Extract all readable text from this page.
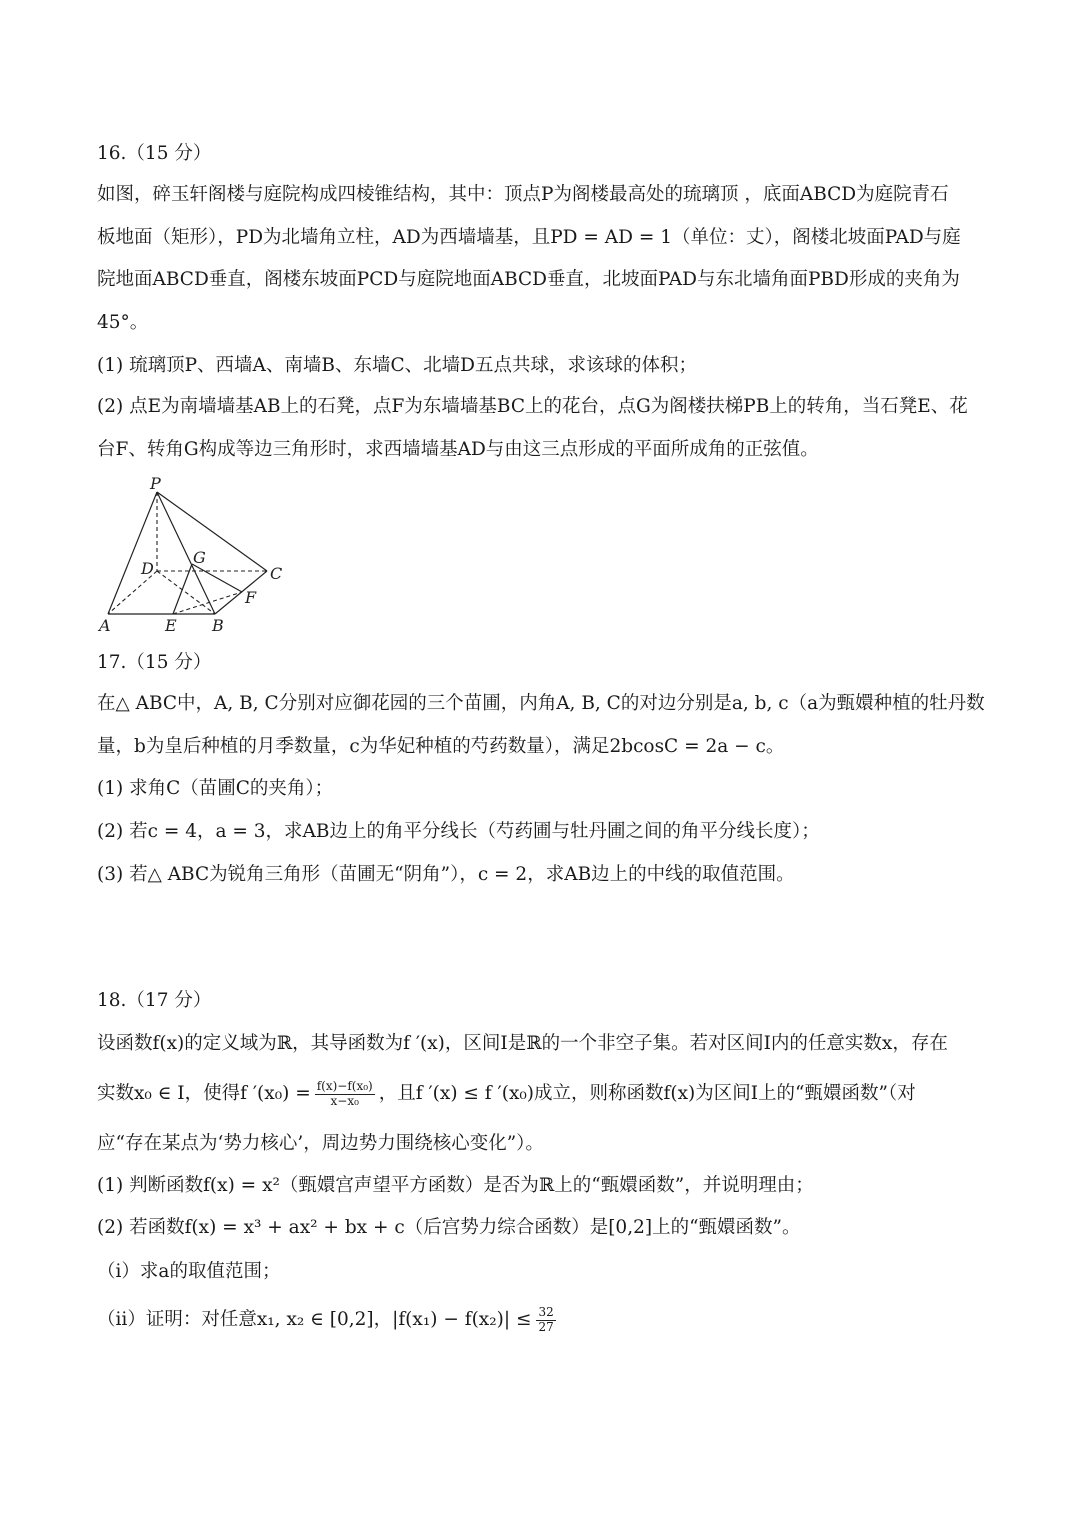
16.（15 分）
如图，碎玉轩阁楼与庭院构成四棱锥结构，其中：顶点P为阁楼最高处的琉璃顶 ，底面ABCD为庭院青石
板地面（矩形），PD为北墙角立柱，AD为西墙墙基，且PD = AD = 1（单位：丈），阁楼北坡面PAD与庭
院地面ABCD垂直，阁楼东坡面PCD与庭院地面ABCD垂直，北坡面PAD与东北墙角面PBD形成的夹角为
45°。
(1) 琉璃顶P、西墙A、南墙B、东墙C、北墙D五点共球，求该球的体积；
(2) 点E为南墙墙基AB上的石凳，点F为东墙墙基BC上的花台，点G为阁楼扶梯PB上的转角，当石凳E、花
台F、转角G构成等边三角形时，求西墙墙基AD与由这三点形成的平面所成角的正弦值。
P
D
G
C
F
A	E B
17.（15 分）
在△ ABC中，A, B, C分别对应御花园的三个苗圃，内角A, B, C的对边分别是a, b, c（a为甄嬛种植的牡丹数
量，b为皇后种植的月季数量，c为华妃种植的芍药数量），满足2bcosC = 2a − c。
(1) 求角C（苗圃C的夹角）；
(2) 若c = 4，a = 3，求AB边上的角平分线长（芍药圃与牡丹圃之间的角平分线长度）；
(3) 若△ ABC为锐角三角形（苗圃无“阴角”），c = 2，求AB边上的中线的取值范围。
18.（17 分）
设函数f(x)的定义域为ℝ，其导函数为f ′(x)，区间I是ℝ的一个非空子集。若对区间I内的任意实数x，存在
实数x₀ ∈ I，使得f $'(x_0) = \frac{\text{f(x)−f(x₀)}}{\text{x−x₀}}$ ，且f ′(x) ≤ f ′(x₀)成立，则称函数f(x)为区间I上的“甄嬛函数”（对
应“存在某点为‘势力核心’，周边势力围绕核心变化”）。
(1) 判断函数f(x) = x²（甄嬛宫声望平方函数）是否为ℝ上的“甄嬛函数”，并说明理由；
(2) 若函数f(x) = x³ + ax² + bx + c（后宫势力综合函数）是[0,2]上的“甄嬛函数”。
（ⅰ）求a的取值范围；
（ⅱ）证明：对任意x₁, x₂ ∈ [0,2]，$|f(x_1) - f(x_2)| \le \frac{32}{27}$
